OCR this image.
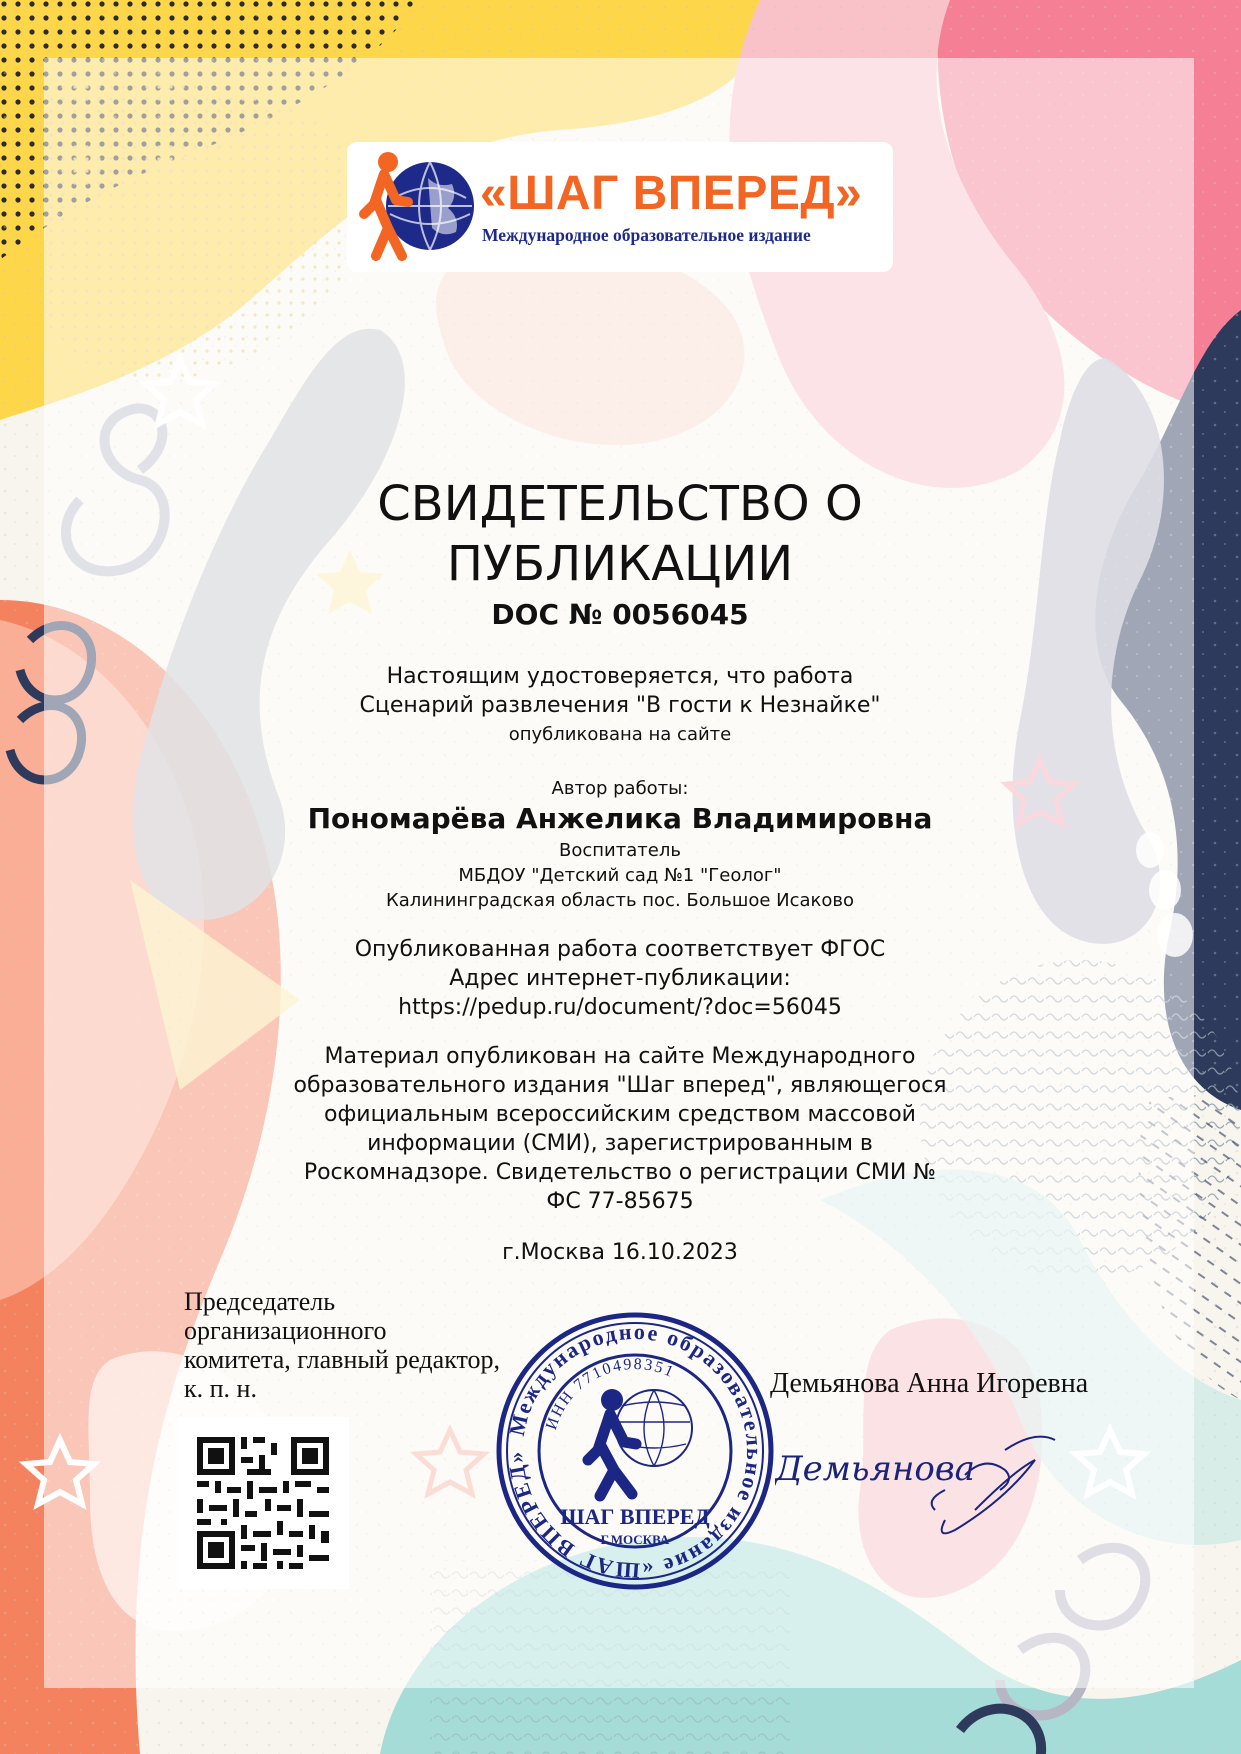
«ШАГ ВПЕРЕД»
Международное образовательное издание
СВИДЕТЕЛЬСТВО О
ПУБЛИКАЦИИ
DOC № 0056045
Настоящим удостоверяется, что работа
Сценарий развлечения "В гости к Незнайке"
опубликована на сайте
Автор работы:
Пономарёва Анжелика Владимировна
Воспитатель
МБДОУ "Детский сад №1 "Геолог"
Калининградская область пос. Большое Исаково
Опубликованная работа соответствует ФГОС
Адрес интернет-публикации:
https://pedup.ru/document/?doc=56045
Материал опубликован на сайте Международного
образовательного издания "Шаг вперед", являющегося
официальным всероссийским средством массовой
информации (СМИ), зарегистрированным в
Роскомнадзоре. Свидетельство о регистрации СМИ №
ФС 77-85675
г.Москва 16.10.2023
Председатель
организационного
комитета, главный редактор,
к. п. н.
Международное образовательное издание «ШАГ ВПЕРЕД»
ИНН 7710498351
ШАГ ВПЕРЕД
Г.МОСКВА
Демьянова Анна Игоревна
Демьянова
